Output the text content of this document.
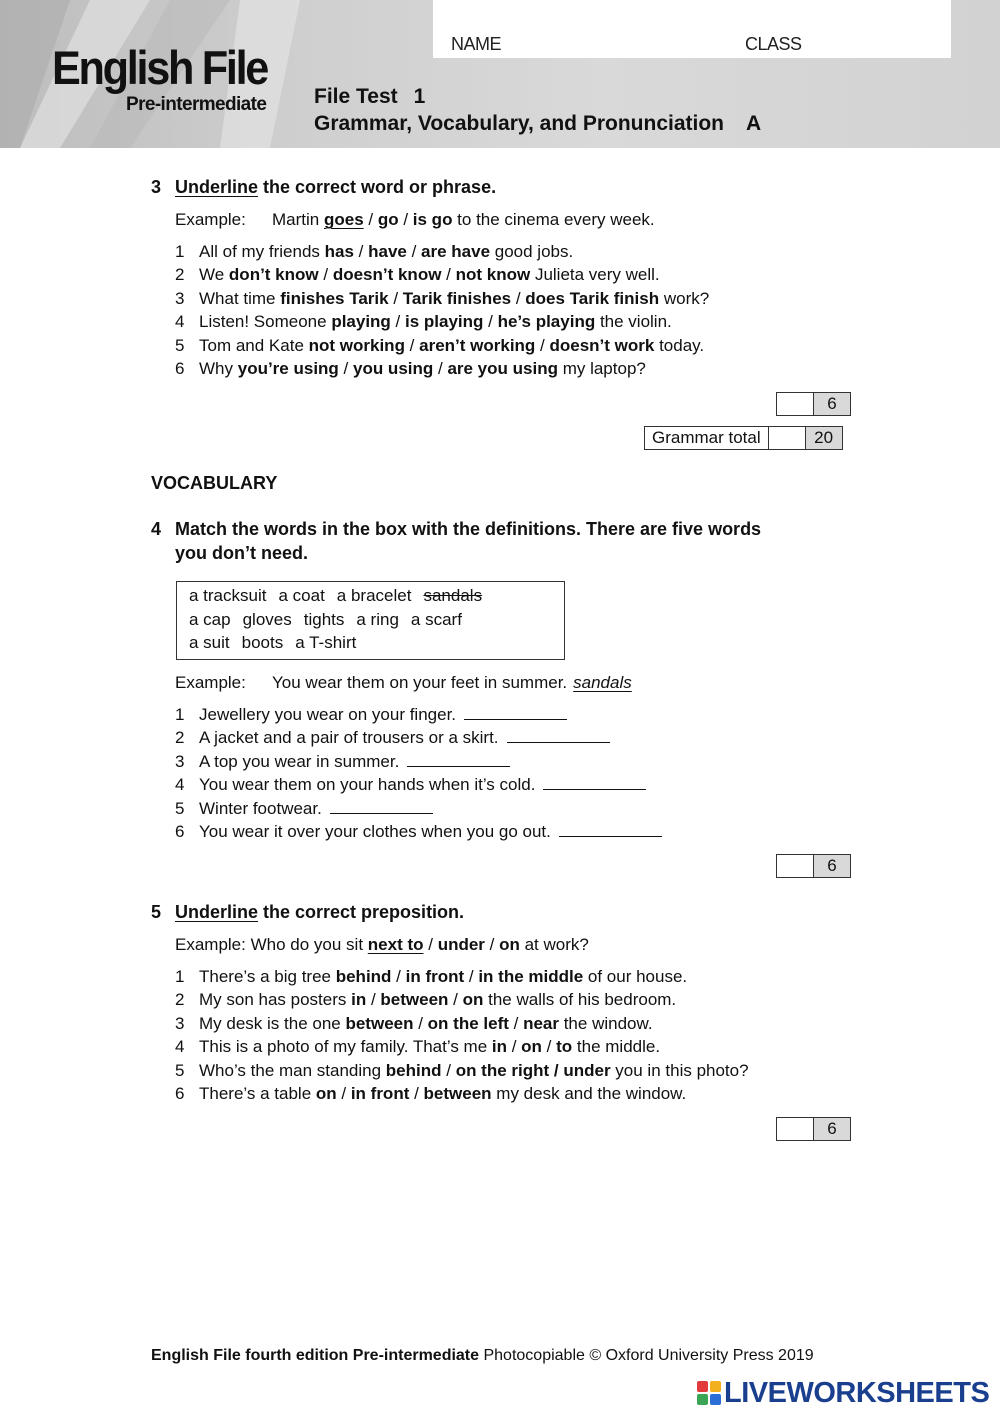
English File
Pre-intermediate
NAME	CLASS
File Test 1
Grammar, Vocabulary, and Pronunciation A
3 Underline the correct word or phrase.
Example: Martin goes / go / is go to the cinema every week.
1 All of my friends has / have / are have good jobs.
2 We don’t know / doesn’t know / not know Julieta very well.
3 What time finishes Tarik / Tarik finishes / does Tarik finish work?
4 Listen! Someone playing / is playing / he’s playing the violin.
5 Tom and Kate not working / aren’t working / doesn’t work today.
6 Why you’re using / you using / are you using my laptop?
6
Grammar total	20
VOCABULARY
4 Match the words in the box with the definitions. There are five words
you don’t need.
a tracksuit a coat a bracelet sandals
a cap gloves tights a ring a scarf
a suit boots a T-shirt
Example: You wear them on your feet in summer. sandals
1 Jewellery you wear on your finger.
2 A jacket and a pair of trousers or a skirt.
3 A top you wear in summer.
4 You wear them on your hands when it’s cold.
5 Winter footwear.
6 You wear it over your clothes when you go out.
6
5 Underline the correct preposition.
Example: Who do you sit next to / under / on at work?
1 There’s a big tree behind / in front / in the middle of our house.
2 My son has posters in / between / on the walls of his bedroom.
3 My desk is the one between / on the left / near the window.
4 This is a photo of my family. That’s me in / on / to the middle.
5 Who’s the man standing behind / on the right / under you in this photo?
6 There’s a table on / in front / between my desk and the window.
6
English File fourth edition Pre-intermediate Photocopiable © Oxford University Press 2019
LIVEWORKSHEETS
